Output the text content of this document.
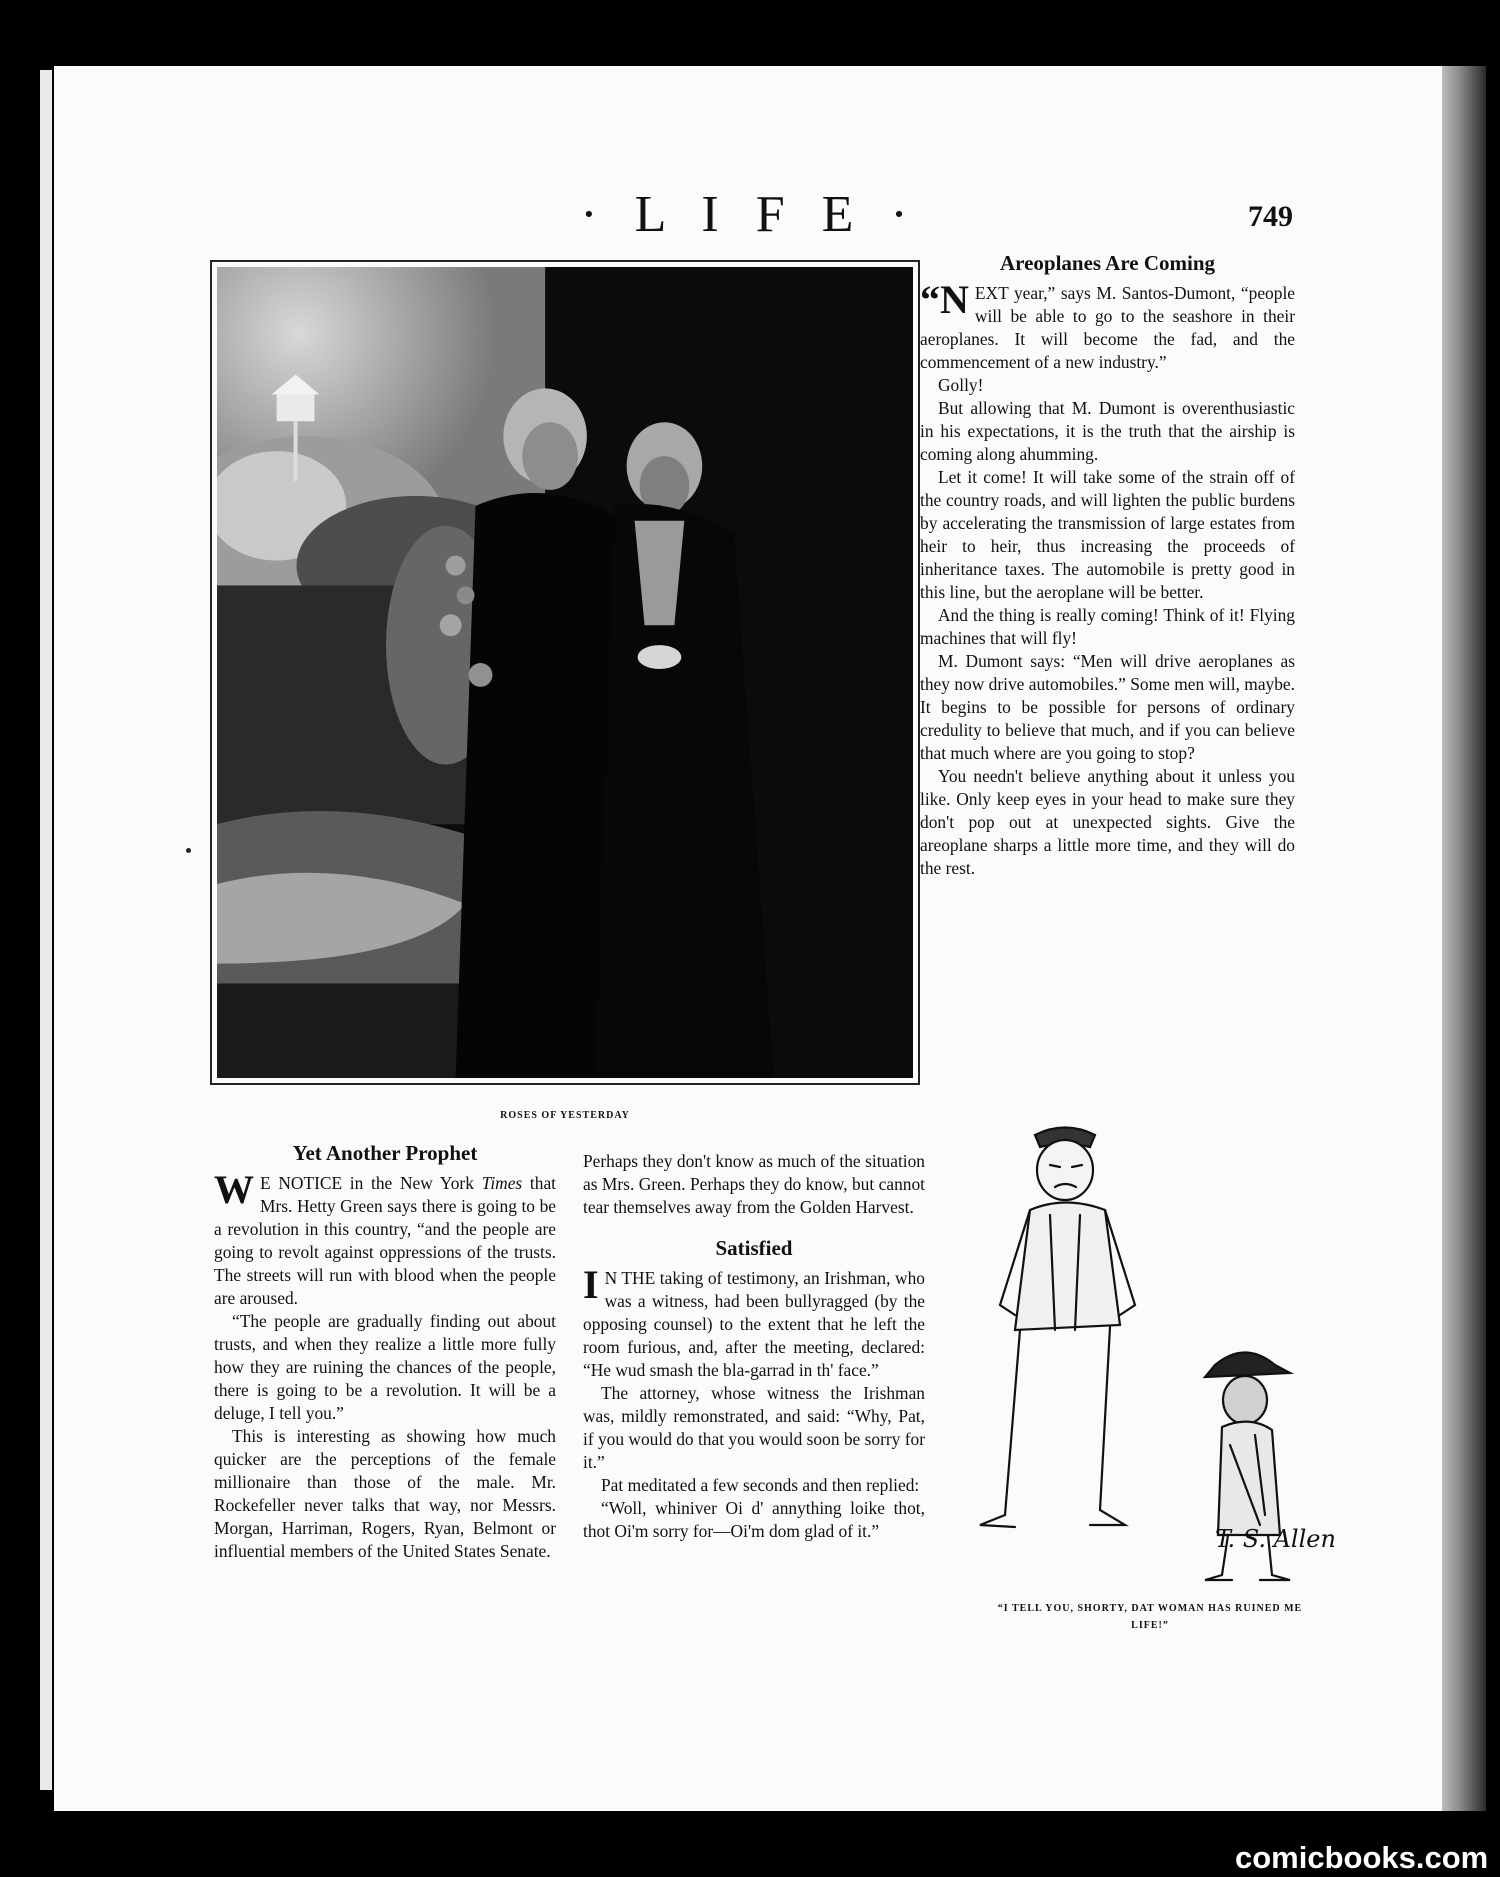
· L I F E ·	749
ROSES OF YESTERDAY
Areoplanes Are Coming

“NEXT year,” says M. Santos-Dumont, “people will be able to go to the seashore in their aeroplanes. It will become the fad, and the commencement of a new industry.”

Golly!

But allowing that M. Dumont is overenthusiastic in his expectations, it is the truth that the airship is coming along ahumming.

Let it come! It will take some of the strain off of the country roads, and will lighten the public burdens by accelerating the transmission of large estates from heir to heir, thus increasing the proceeds of inheritance taxes. The automobile is pretty good in this line, but the aeroplane will be better.

And the thing is really coming! Think of it! Flying machines that will fly!

M. Dumont says: “Men will drive aeroplanes as they now drive automobiles.” Some men will, maybe. It begins to be possible for persons of ordinary credulity to believe that much, and if you can believe that much where are you going to stop?

You needn't believe anything about it unless you like. Only keep eyes in your head to make sure they don't pop out at unexpected sights. Give the areoplane sharps a little more time, and they will do the rest.

Yet Another Prophet

W E NOTICE in the New York Times that Mrs. Hetty Green says there is going to be a revolution in this country, “and the people are going to revolt against oppressions of the trusts. The streets will run with blood when the people are aroused.

“The people are gradually finding out about trusts, and when they realize a little more fully how they are ruining the chances of the people, there is going to be a revolution. It will be a deluge, I tell you.”

This is interesting as showing how much quicker are the perceptions of the female millionaire than those of the male. Mr. Rockefeller never talks that way, nor Messrs. Morgan, Harriman, Rogers, Ryan, Belmont or influential members of the United States Senate.

Perhaps they don't know as much of the situation as Mrs. Green. Perhaps they do know, but cannot tear themselves away from the Golden Harvest.

Satisfied

I N THE taking of testimony, an Irishman, who was a witness, had been bullyragged (by the opposing counsel) to the extent that he left the room furious, and, after the meeting, declared: “He wud smash the bla-garrad in th' face.”

The attorney, whose witness the Irishman was, mildly remonstrated, and said: “Why, Pat, if you would do that you would soon be sorry for it.”

Pat meditated a few seconds and then replied:

“Woll, whiniver Oi d' annything loike thot, thot Oi'm sorry for—Oi'm dom glad of it.”	T. S. Allen
“I TELL YOU, SHORTY, DAT WOMAN HAS RUINED ME LIFE!”
comicbooks.com
